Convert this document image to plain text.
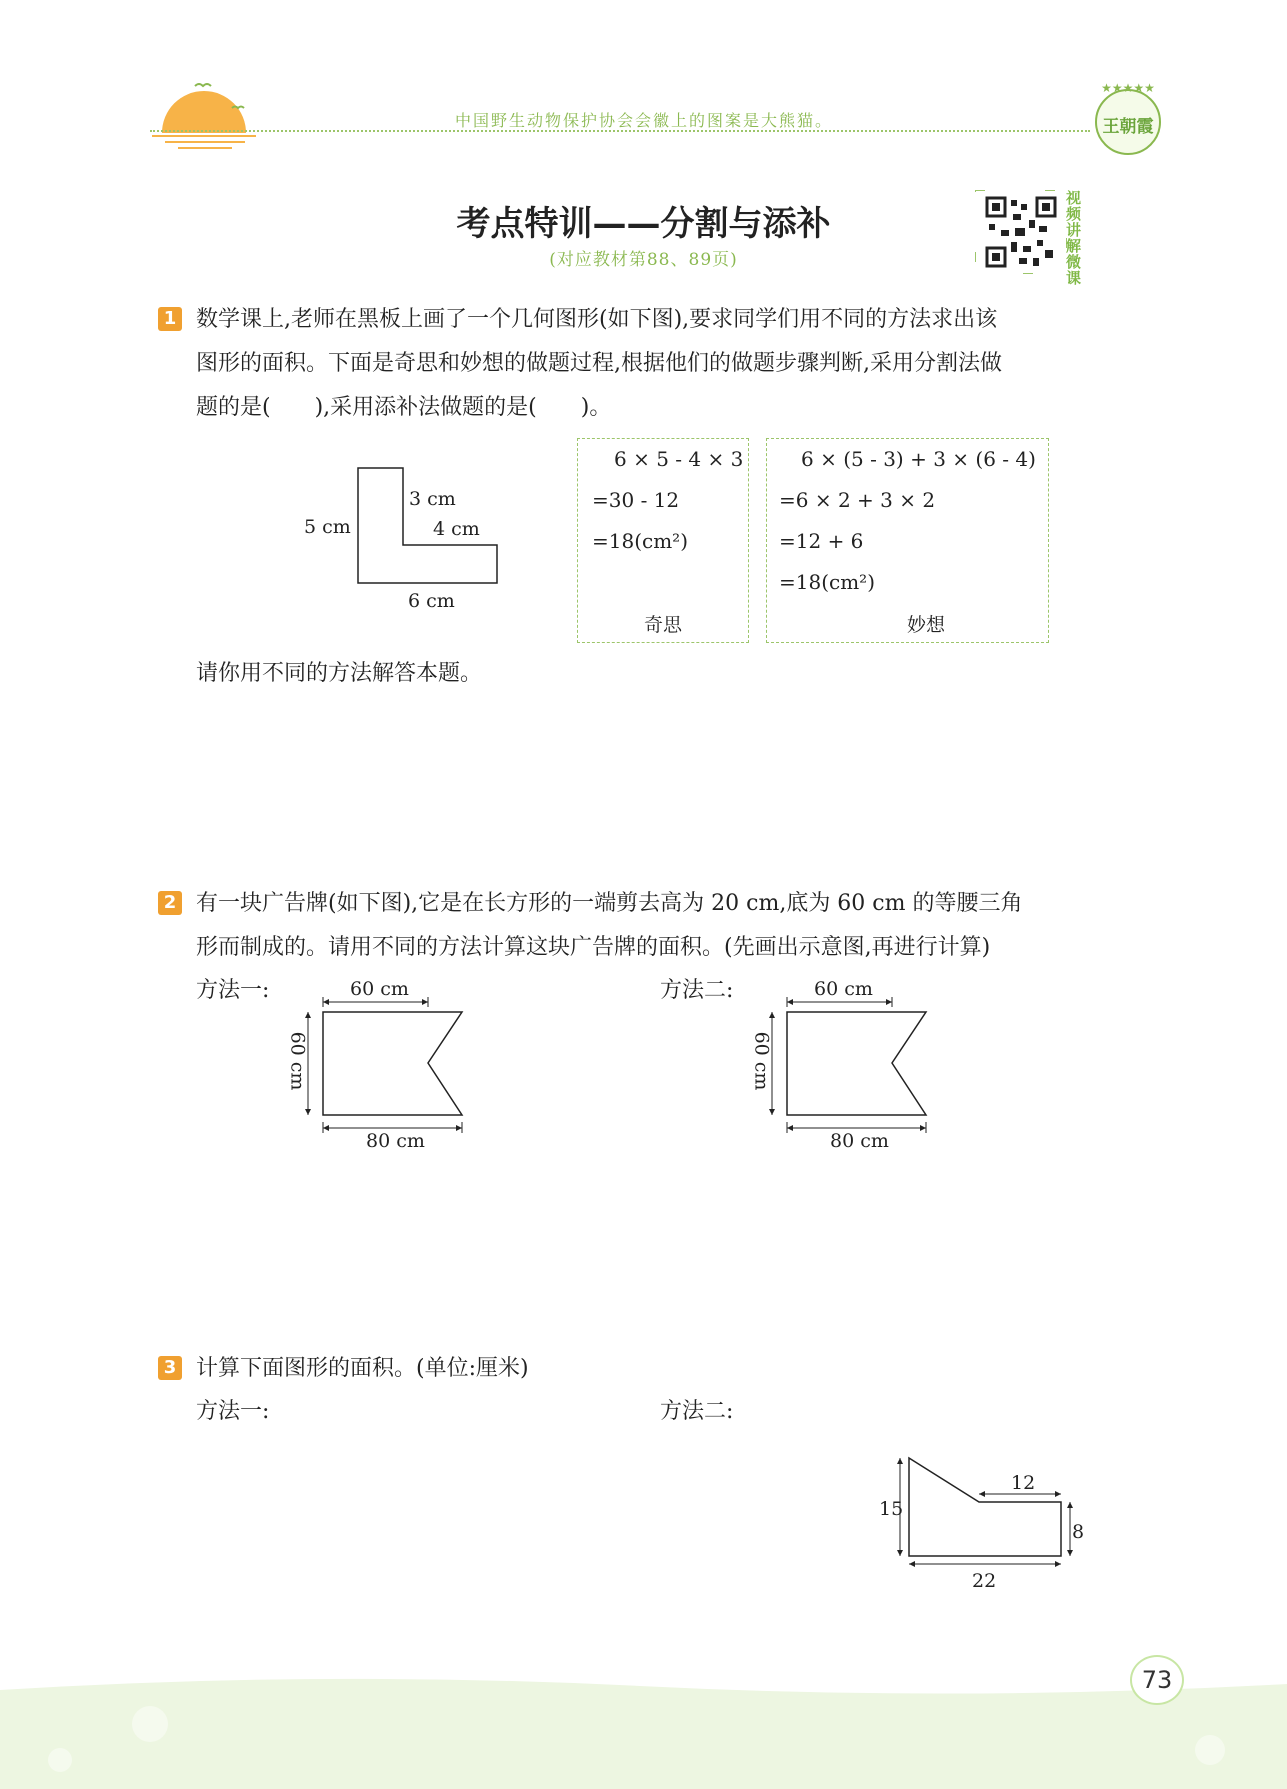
中国野生动物保护协会会徽上的图案是大熊猫。
★★★★★
王朝霞
考点特训——分割与添补
(对应教材第88、89页)
视
频
讲
解
微
课
1 数学课上,老师在黑板上画了一个几何图形(如下图),要求同学们用不同的方法求出该
图形的面积。下面是奇思和妙想的做题过程,根据他们的做题步骤判断,采用分割法做
题的是(　　),采用添补法做题的是(　　)。
5 cm
3 cm
4 cm
6 cm
6 × 5 - 4 × 3
=30 - 12
=18(cm²)
奇思
6 × (5 - 3) + 3 × (6 - 4)
=6 × 2 + 3 × 2
=12 + 6
=18(cm²)
妙想
请你用不同的方法解答本题。
2 有一块广告牌(如下图),它是在长方形的一端剪去高为 20 cm,底为 60 cm 的等腰三角
形而制成的。请用不同的方法计算这块广告牌的面积。(先画出示意图,再进行计算)
方法一:	方法二:
60 cm
60 cm
80 cm
60 cm
60 cm
80 cm
3 计算下面图形的面积。(单位:厘米)
方法一:	方法二:
15
12
8
22
73
